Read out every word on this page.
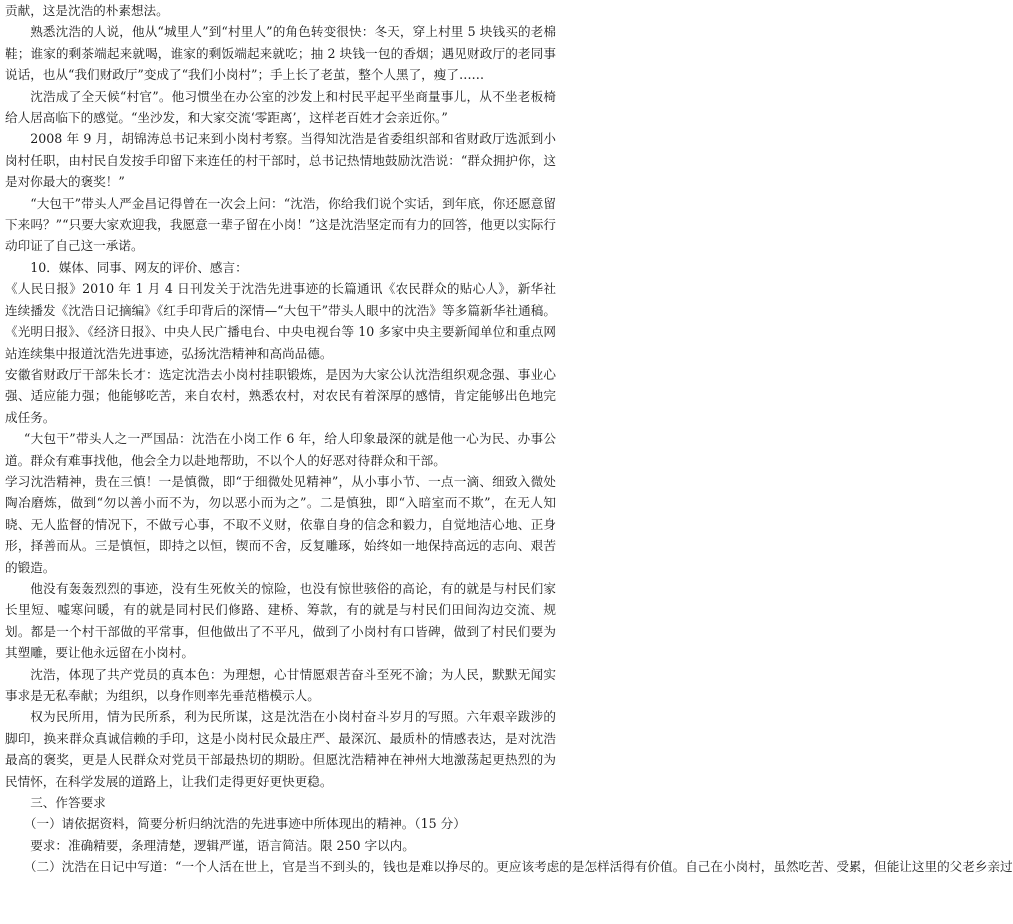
贡献，这是沈浩的朴素想法。

熟悉沈浩的人说，他从“城里人”到“村里人”的角色转变很快：冬天，穿上村里 5 块钱买的老棉鞋；谁家的剩茶端起来就喝，谁家的剩饭端起来就吃；抽 2 块钱一包的香烟；遇见财政厅的老同事说话，也从“我们财政厅”变成了“我们小岗村”；手上长了老茧，整个人黑了，瘦了……

沈浩成了全天候“村官”。他习惯坐在办公室的沙发上和村民平起平坐商量事儿，从不坐老板椅给人居高临下的感觉。“坐沙发，和大家交流‘零距离’，这样老百姓才会亲近你。”

2008 年 9 月，胡锦涛总书记来到小岗村考察。当得知沈浩是省委组织部和省财政厅选派到小岗村任职，由村民自发按手印留下来连任的村干部时，总书记热情地鼓励沈浩说：“群众拥护你，这是对你最大的褒奖！”

“大包干”带头人严金昌记得曾在一次会上问：“沈浩，你给我们说个实话，到年底，你还愿意留下来吗？”“只要大家欢迎我，我愿意一辈子留在小岗！”这是沈浩坚定而有力的回答，他更以实际行动印证了自己这一承诺。

10．媒体、同事、网友的评价、感言：

《人民日报》2010 年 1 月 4 日刊发关于沈浩先进事迹的长篇通讯《农民群众的贴心人》，新华社连续播发《沈浩日记摘编》《红手印背后的深情—“大包干”带头人眼中的沈浩》等多篇新华社通稿。《光明日报》、《经济日报》、中央人民广播电台、中央电视台等 10 多家中央主要新闻单位和重点网站连续集中报道沈浩先进事迹，弘扬沈浩精神和高尚品德。

安徽省财政厅干部朱长才：选定沈浩去小岗村挂职锻炼，是因为大家公认沈浩组织观念强、事业心强、适应能力强；他能够吃苦，来自农村，熟悉农村，对农民有着深厚的感情，肯定能够出色地完成任务。

“大包干”带头人之一严国品：沈浩在小岗工作 6 年，给人印象最深的就是他一心为民、办事公道。群众有难事找他，他会全力以赴地帮助，不以个人的好恶对待群众和干部。

学习沈浩精神，贵在三慎！一是慎微，即“于细微处见精神”，从小事小节、一点一滴、细致入微处陶冶磨炼，做到“勿以善小而不为，勿以恶小而为之”。二是慎独，即“入暗室而不欺”，在无人知晓、无人监督的情况下，不做亏心事，不取不义财，依靠自身的信念和毅力，自觉地洁心地、正身形，择善而从。三是慎恒，即持之以恒，锲而不舍，反复雕琢，始终如一地保持高远的志向、艰苦的锻造。

他没有轰轰烈烈的事迹，没有生死攸关的惊险，也没有惊世骇俗的高论，有的就是与村民们家长里短、嘘寒问暖，有的就是同村民们修路、建桥、筹款，有的就是与村民们田间沟边交流、规划。都是一个村干部做的平常事，但他做出了不平凡，做到了小岗村有口皆碑，做到了村民们要为其塑雕，要让他永远留在小岗村。

沈浩，体现了共产党员的真本色：为理想，心甘情愿艰苦奋斗至死不渝；为人民，默默无闻实事求是无私奉献；为组织，以身作则率先垂范楷模示人。

权为民所用，情为民所系，利为民所谋，这是沈浩在小岗村奋斗岁月的写照。六年艰辛跋涉的脚印，换来群众真诚信赖的手印，这是小岗村民众最庄严、最深沉、最质朴的情感表达，是对沈浩最高的褒奖，更是人民群众对党员干部最热切的期盼。但愿沈浩精神在神州大地激荡起更热烈的为民情怀，在科学发展的道路上，让我们走得更好更快更稳。

三、作答要求

（一）请依据资料，简要分析归纳沈浩的先进事迹中所体现出的精神。（15 分）

要求：准确精要，条理清楚，逻辑严谨，语言简洁。限 250 字以内。

（二）沈浩在日记中写道：“一个人活在世上，官是当不到头的，钱也是难以挣尽的。更应该考虑的是怎样活得有价值。自己在小岗村，虽然吃苦、受累，但能让这里的父老乡亲过
